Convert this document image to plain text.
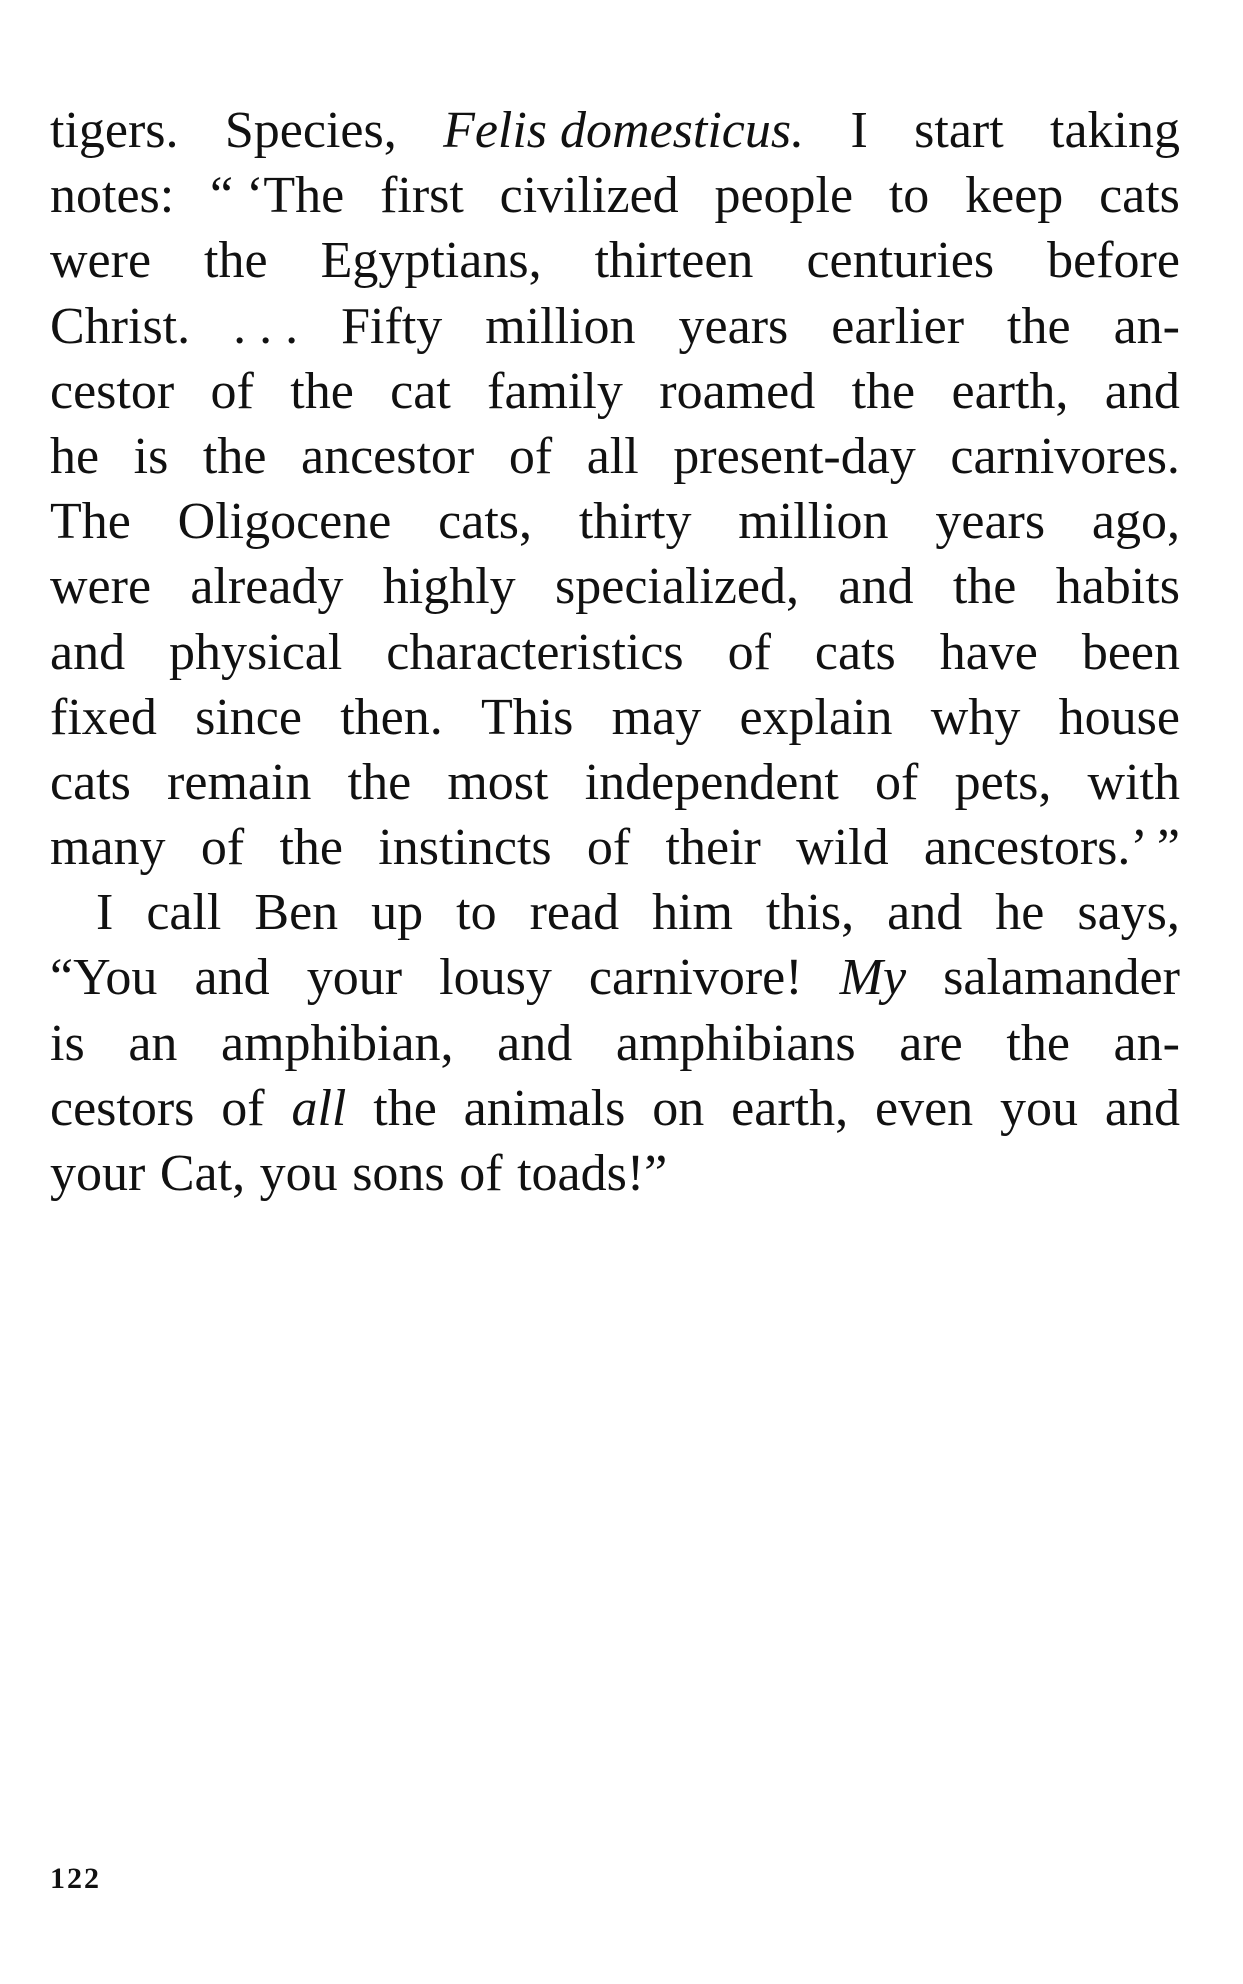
tigers. Species, Felis domesticus. I start taking
notes: “ ‘The first civilized people to keep cats
were the Egyptians, thirteen centuries before
Christ. . . . Fifty million years earlier the an-
cestor of the cat family roamed the earth, and
he is the ancestor of all present-day carnivores.
The Oligocene cats, thirty million years ago,
were already highly specialized, and the habits
and physical characteristics of cats have been
fixed since then. This may explain why house
cats remain the most independent of pets, with
many of the instincts of their wild ancestors.’ ”
I call Ben up to read him this, and he says,
“You and your lousy carnivore! My salamander
is an amphibian, and amphibians are the an-
cestors of all the animals on earth, even you and
your Cat, you sons of toads!”
122
